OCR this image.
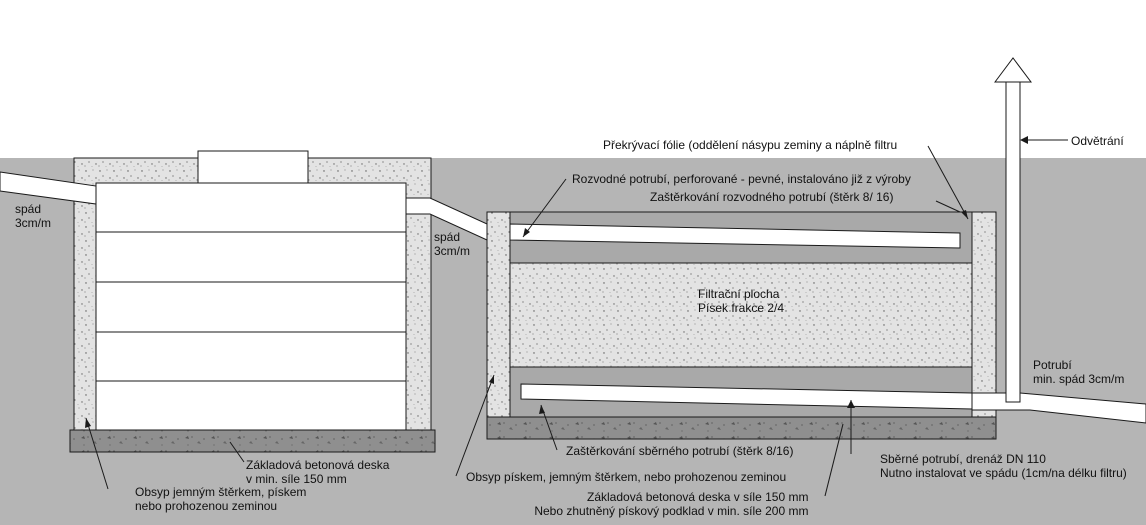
spád
3cm/m
spád
3cm/m
Překrývací fólie (oddělení násypu zeminy a náplně filtru	Odvětrání
Rozvodné potrubí, perforované - pevné, instalováno již z výroby
Zaštěrkování rozvodného potrubí (štěrk 8/ 16)
Filtrační plocha
Písek frakce 2/4
Potrubí
min. spád 3cm/m
Zaštěrkování sběrného potrubí (štěrk 8/16)
Sběrné potrubí, drenáž DN 110
Nutno instalovat ve spádu (1cm/na délku filtru)
Základová betonová deska
v min. síle 150 mm
Obsyp jemným štěrkem, pískem
nebo prohozenou zeminou
Obsyp pískem, jemným štěrkem, nebo prohozenou zeminou
Základová betonová deska v síle 150 mm
Nebo zhutněný pískový podklad v min. síle 200 mm
